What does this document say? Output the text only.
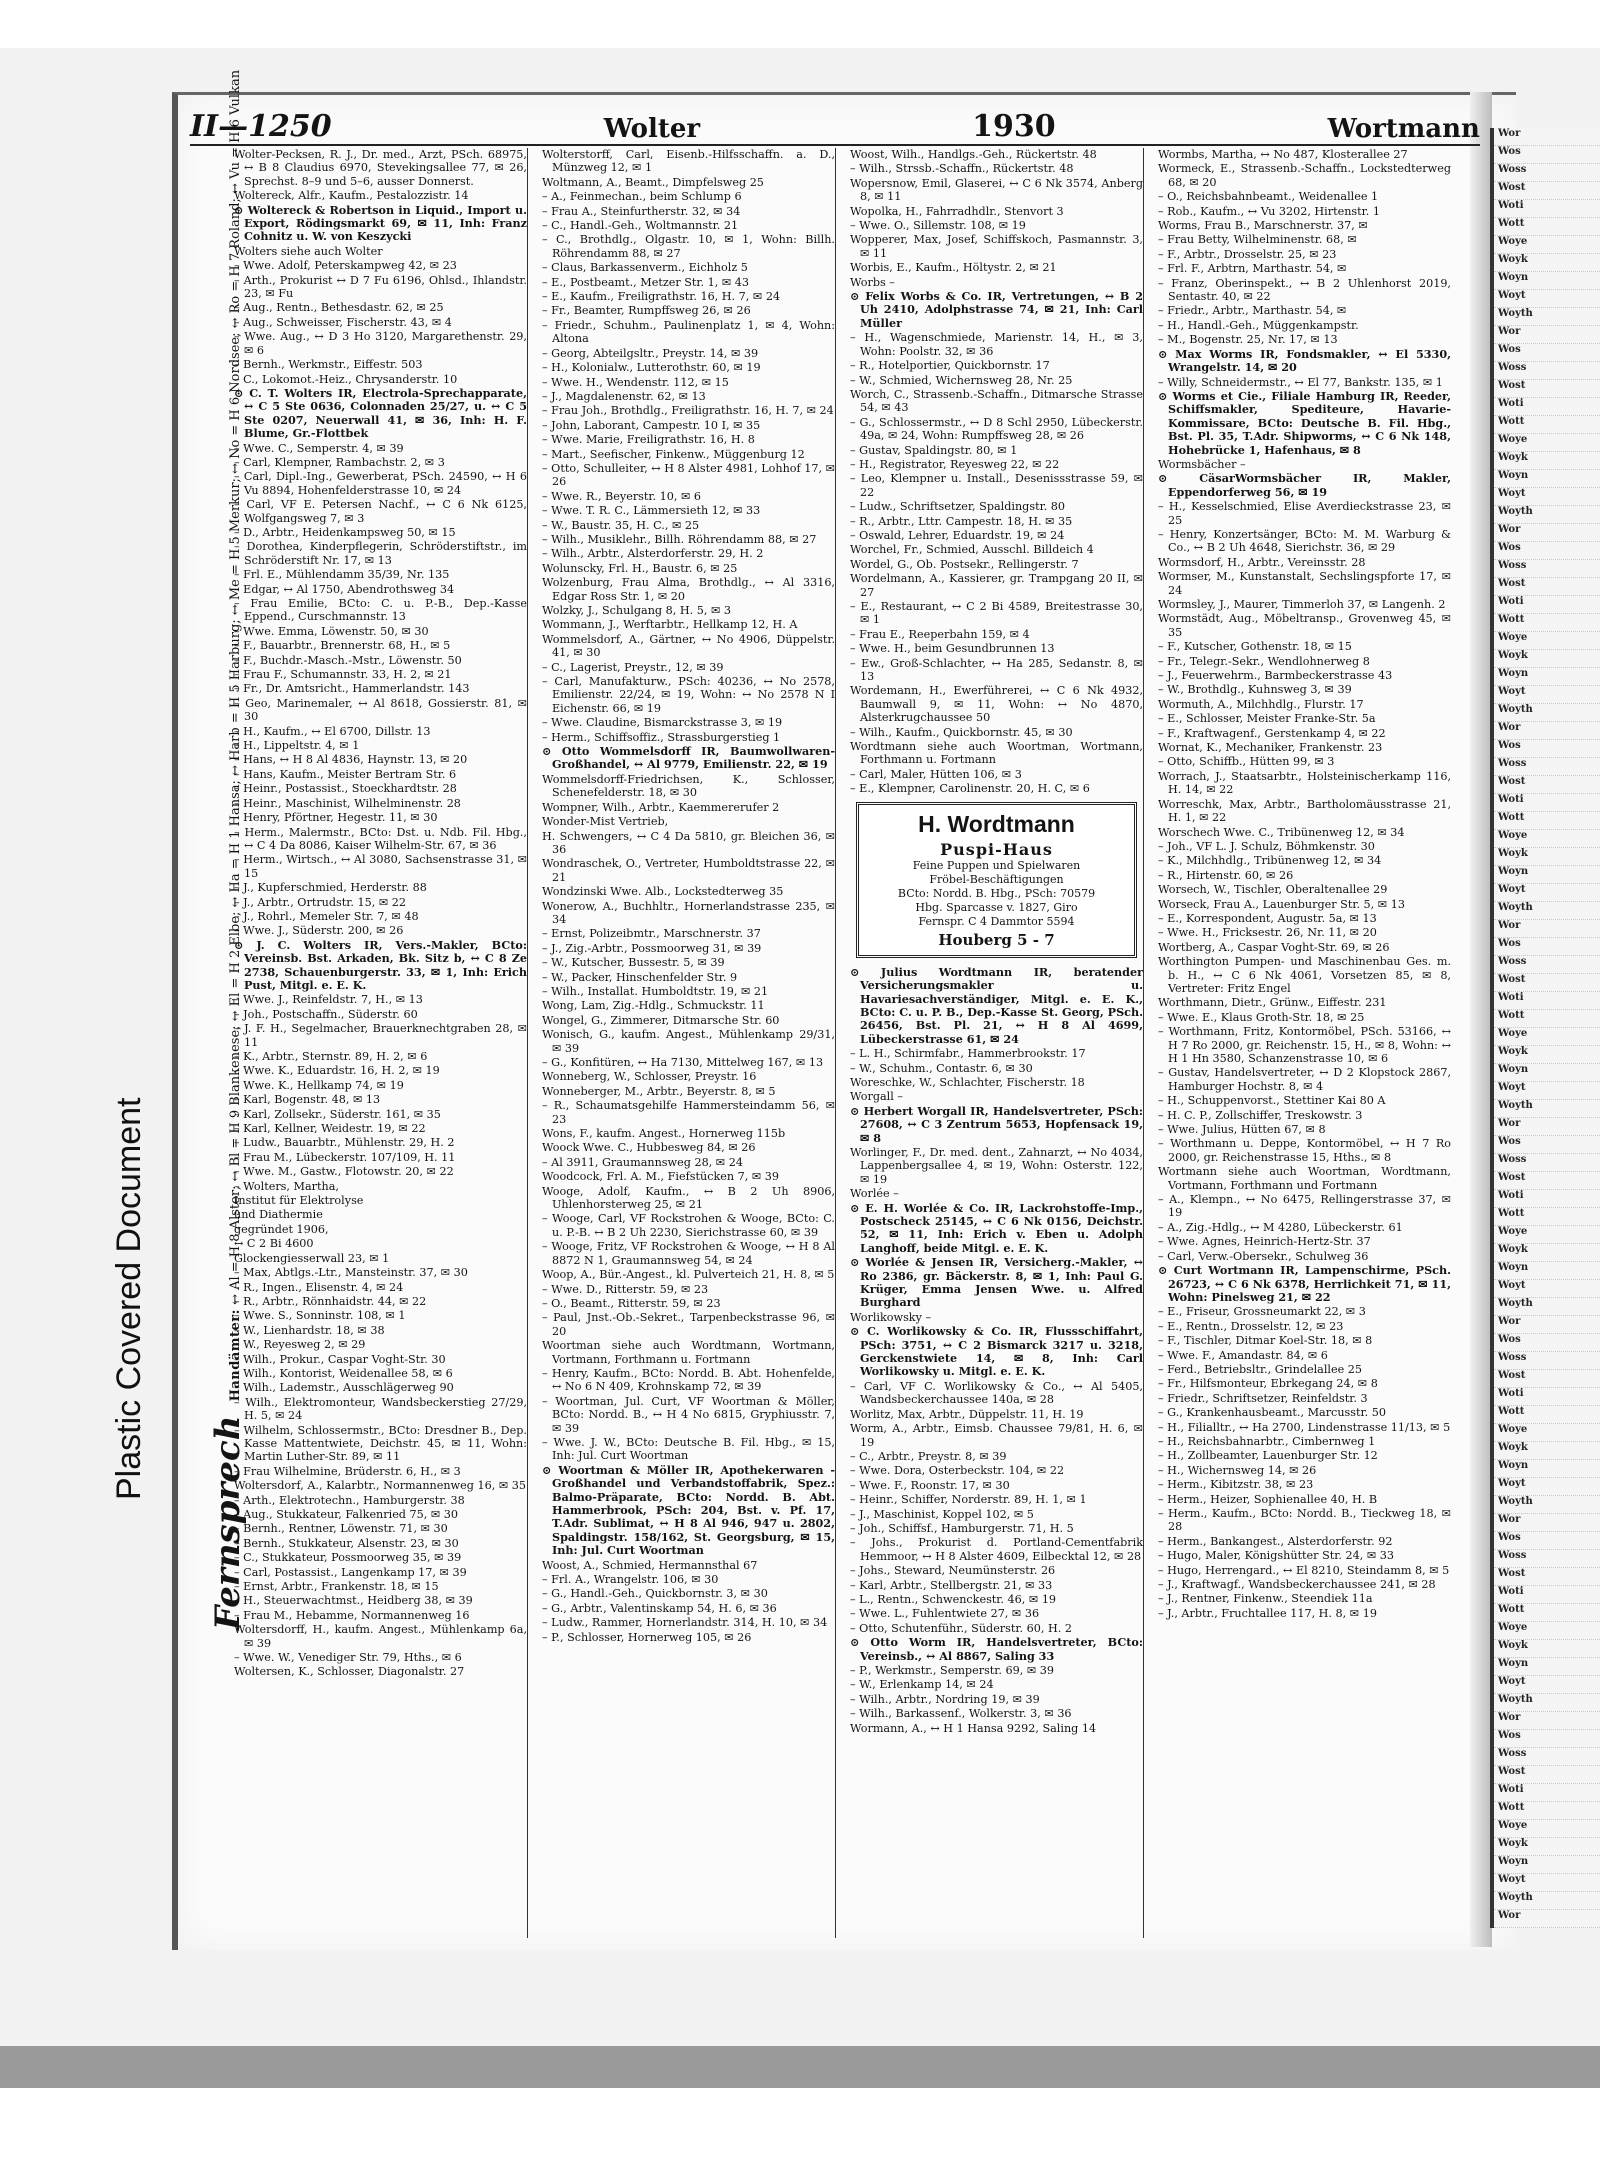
Wor
Wos
Woss
Wost
Woti
Wott
Woye
Woyk
Woyn
Woyt
Woyth
Wor
Wos
Woss
Wost
Woti
Wott
Woye
Woyk
Woyn
Woyt
Woyth
Wor
Wos
Woss
Wost
Woti
Wott
Woye
Woyk
Woyn
Woyt
Woyth
Wor
Wos
Woss
Wost
Woti
Wott
Woye
Woyk
Woyn
Woyt
Woyth
Wor
Wos
Woss
Wost
Woti
Wott
Woye
Woyk
Woyn
Woyt
Woyth
Wor
Wos
Woss
Wost
Woti
Wott
Woye
Woyk
Woyn
Woyt
Woyth
Wor
Wos
Woss
Wost
Woti
Wott
Woye
Woyk
Woyn
Woyt
Woyth
Wor
Wos
Woss
Wost
Woti
Wott
Woye
Woyk
Woyn
Woyt
Woyth
Wor
Wos
Woss
Wost
Woti
Wott
Woye
Woyk
Woyn
Woyt
Woyth
Wor
II—1250	Wolter	1930	Wortmann
Plastic Covered Document
Fernsprech Handämter: ↔ Al = H 8 Alster; ↔ Bl = H 9 Blankenese; ↔ El = H 2 Elbe; ↔ Ha = H 1 Hansa; ↔ Harb = H 5 Harburg; ↔ Me = H 5 Merkur; ↔ No = H 6 Nordsee; ↔ Ro = H 7 Roland; ↔ Vu = H 6 Vulkan
Wolter-Pecksen, R. J., Dr. med., Arzt, PSch. 68975, ↔ B 8 Claudius 6970, Stevekingsallee 77, ✉ 26, Sprechst. 8–9 und 5–6, ausser Donnerst.
Woltereck, Alfr., Kaufm., Pestalozzistr. 14
⊙ Woltereck & Robertson in Liquid., Import u. Export, Rödingsmarkt 69, ✉ 11, Inh: Franz Cohnitz u. W. von Keszycki
Wolters siehe auch Wolter
– Wwe. Adolf, Peterskampweg 42, ✉ 23
– Arth., Prokurist ↔ D 7 Fu 6196, Ohlsd., Ihlandstr. 23, ✉ Fu
– Aug., Rentn., Bethesdastr. 62, ✉ 25
– Aug., Schweisser, Fischerstr. 43, ✉ 4
– Wwe. Aug., ↔ D 3 Ho 3120, Margarethenstr. 29, ✉ 6
– Bernh., Werkmstr., Eiffestr. 503
– C., Lokomot.-Heiz., Chrysanderstr. 10
⊙ C. T. Wolters IR, Electrola-Sprechapparate, ↔ C 5 Ste 0636, Colonnaden 25/27, u. ↔ C 5 Ste 0207, Neuerwall 41, ✉ 36, Inh: H. F. Blume, Gr.-Flottbek
– Wwe. C., Semperstr. 4, ✉ 39
– Carl, Klempner, Rambachstr. 2, ✉ 3
– Carl, Dipl.-Ing., Gewerberat, PSch. 24590, ↔ H 6 Vu 8894, Hohenfelderstrasse 10, ✉ 24
– Carl, VF E. Petersen Nachf., ↔ C 6 Nk 6125, Wolfgangsweg 7, ✉ 3
– D., Arbtr., Heidenkampsweg 50, ✉ 15
– Dorothea, Kinderpflegerin, Schröderstiftstr., im Schröderstift Nr. 17, ✉ 13
– Frl. E., Mühlendamm 35/39, Nr. 135
– Edgar, ↔ Al 1750, Abendrothsweg 34
– Frau Emilie, BCto: C. u. P.-B., Dep.-Kasse Eppend., Curschmannstr. 13
– Wwe. Emma, Löwenstr. 50, ✉ 30
– F., Bauarbtr., Brennerstr. 68, H., ✉ 5
– F., Buchdr.-Masch.-Mstr., Löwenstr. 50
– Frau F., Schumannstr. 33, H. 2, ✉ 21
– Fr., Dr. Amtsricht., Hammerlandstr. 143
– Geo, Marinemaler, ↔ Al 8618, Gossierstr. 81, ✉ 30
– H., Kaufm., ↔ El 6700, Dillstr. 13
– H., Lippeltstr. 4, ✉ 1
– Hans, ↔ H 8 Al 4836, Haynstr. 13, ✉ 20
– Hans, Kaufm., Meister Bertram Str. 6
– Heinr., Postassist., Stoeckhardtstr. 28
– Heinr., Maschinist, Wilhelminenstr. 28
– Henry, Pförtner, Hegestr. 11, ✉ 30
– Herm., Malermstr., BCto: Dst. u. Ndb. Fil. Hbg., ↔ C 4 Da 8086, Kaiser Wilhelm-Str. 67, ✉ 36
– Herm., Wirtsch., ↔ Al 3080, Sachsenstrasse 31, ✉ 15
– J., Kupferschmied, Herderstr. 88
– J., Arbtr., Ortrudstr. 15, ✉ 22
– J., Rohrl., Memeler Str. 7, ✉ 48
– Wwe. J., Süderstr. 200, ✉ 26
⊙ J. C. Wolters IR, Vers.-Makler, BCto: Vereinsb. Bst. Arkaden, Bk. Sitz b, ↔ C 8 Ze 2738, Schauenburgerstr. 33, ✉ 1, Inh: Erich Pust, Mitgl. e. E. K.
– Wwe. J., Reinfeldstr. 7, H., ✉ 13
– Joh., Postschaffn., Süderstr. 60
– J. F. H., Segelmacher, Brauerknechtgraben 28, ✉ 11
– K., Arbtr., Sternstr. 89, H. 2, ✉ 6
– Wwe. K., Eduardstr. 16, H. 2, ✉ 19
– Wwe. K., Hellkamp 74, ✉ 19
– Karl, Bogenstr. 48, ✉ 13
– Karl, Zollsekr., Süderstr. 161, ✉ 35
– Karl, Kellner, Weidestr. 19, ✉ 22
– Ludw., Bauarbtr., Mühlenstr. 29, H. 2
– Frau M., Lübeckerstr. 107/109, H. 11
– Wwe. M., Gastw., Flotowstr. 20, ✉ 22
– Wolters, Martha,
Institut für Elektrolyse
und Diathermie
gegründet 1906,
↔ C 2 Bi 4600
Glockengiesserwall 23, ✉ 1
– Max, Abtlgs.-Ltr., Mansteinstr. 37, ✉ 30
– R., Ingen., Elisenstr. 4, ✉ 24
– R., Arbtr., Rönnhaidstr. 44, ✉ 22
– Wwe. S., Sonninstr. 108, ✉ 1
– W., Lienhardstr. 18, ✉ 38
– W., Reyesweg 2, ✉ 29
– Wilh., Prokur., Caspar Voght-Str. 30
– Wilh., Kontorist, Weidenallee 58, ✉ 6
– Wilh., Lademstr., Ausschlägerweg 90
– Wilh., Elektromonteur, Wandsbeckerstieg 27/29, H. 5, ✉ 24
– Wilhelm, Schlossermstr., BCto: Dresdner B., Dep. Kasse Mattentwiete, Deichstr. 45, ✉ 11, Wohn: Martin Luther-Str. 89, ✉ 11
– Frau Wilhelmine, Brüderstr. 6, H., ✉ 3
Woltersdorf, A., Kalarbtr., Normannenweg 16, ✉ 35
– Arth., Elektrotechn., Hamburgerstr. 38
– Aug., Stukkateur, Falkenried 75, ✉ 30
– Bernh., Rentner, Löwenstr. 71, ✉ 30
– Bernh., Stukkateur, Alsenstr. 23, ✉ 30
– C., Stukkateur, Possmoorweg 35, ✉ 39
– Carl, Postassist., Langenkamp 17, ✉ 39
– Ernst, Arbtr., Frankenstr. 18, ✉ 15
– H., Steuerwachtmst., Heidberg 38, ✉ 39
– Frau M., Hebamme, Normannenweg 16
Woltersdorff, H., kaufm. Angest., Mühlenkamp 6a, ✉ 39
– Wwe. W., Venediger Str. 79, Hths., ✉ 6
Woltersen, K., Schlosser, Diagonalstr. 27
Wolterstorff, Carl, Eisenb.-Hilfsschaffn. a. D., Münzweg 12, ✉ 1
Woltmann, A., Beamt., Dimpfelsweg 25
– A., Feinmechan., beim Schlump 6
– Frau A., Steinfurtherstr. 32, ✉ 34
– C., Handl.-Geh., Woltmannstr. 21
– C., Brothdlg., Olgastr. 10, ✉ 1, Wohn: Billh. Röhrendamm 88, ✉ 27
– Claus, Barkassenverm., Eichholz 5
– E., Postbeamt., Metzer Str. 1, ✉ 43
– E., Kaufm., Freiligrathstr. 16, H. 7, ✉ 24
– Fr., Beamter, Rumpffsweg 26, ✉ 26
– Friedr., Schuhm., Paulinenplatz 1, ✉ 4, Wohn: Altona
– Georg, Abteilgsltr., Preystr. 14, ✉ 39
– H., Kolonialw., Lutterothstr. 60, ✉ 19
– Wwe. H., Wendenstr. 112, ✉ 15
– J., Magdalenenstr. 62, ✉ 13
– Frau Joh., Brothdlg., Freiligrathstr. 16, H. 7, ✉ 24
– John, Laborant, Campestr. 10 I, ✉ 35
– Wwe. Marie, Freiligrathstr. 16, H. 8
– Mart., Seefischer, Finkenw., Müggenburg 12
– Otto, Schulleiter, ↔ H 8 Alster 4981, Lohhof 17, ✉ 26
– Wwe. R., Beyerstr. 10, ✉ 6
– Wwe. T. R. C., Lämmersieth 12, ✉ 33
– W., Baustr. 35, H. C., ✉ 25
– Wilh., Musiklehr., Billh. Röhrendamm 88, ✉ 27
– Wilh., Arbtr., Alsterdorferstr. 29, H. 2
Wolunscky, Frl. H., Baustr. 6, ✉ 25
Wolzenburg, Frau Alma, Brothdlg., ↔ Al 3316, Edgar Ross Str. 1, ✉ 20
Wolzky, J., Schulgang 8, H. 5, ✉ 3
Wommann, J., Werftarbtr., Hellkamp 12, H. A
Wommelsdorf, A., Gärtner, ↔ No 4906, Düppelstr. 41, ✉ 30
– C., Lagerist, Preystr., 12, ✉ 39
– Carl, Manufakturw., PSch: 40236, ↔ No 2578, Emilienstr. 22/24, ✉ 19, Wohn: ↔ No 2578 N I Eichenstr. 66, ✉ 19
– Wwe. Claudine, Bismarckstrasse 3, ✉ 19
– Herm., Schiffsoffiz., Strassburgerstieg 1
⊙ Otto Wommelsdorff IR, Baumwollwaren-Großhandel, ↔ Al 9779, Emilienstr. 22, ✉ 19
Wommelsdorff-Friedrichsen, K., Schlosser, Schenefelderstr. 18, ✉ 30
Wompner, Wilh., Arbtr., Kaemmererufer 2
Wonder-Mist Vertrieb,
H. Schwengers, ↔ C 4 Da 5810, gr. Bleichen 36, ✉ 36
Wondraschek, O., Vertreter, Humboldtstrasse 22, ✉ 21
Wondzinski Wwe. Alb., Lockstedterweg 35
Wonerow, A., Buchhltr., Hornerlandstrasse 235, ✉ 34
– Ernst, Polizeibmtr., Marschnerstr. 37
– J., Zig.-Arbtr., Possmoorweg 31, ✉ 39
– W., Kutscher, Bussestr. 5, ✉ 39
– W., Packer, Hinschenfelder Str. 9
– Wilh., Installat. Humboldtstr. 19, ✉ 21
Wong, Lam, Zig.-Hdlg., Schmuckstr. 11
Wongel, G., Zimmerer, Ditmarsche Str. 60
Wonisch, G., kaufm. Angest., Mühlenkamp 29/31, ✉ 39
– G., Konfitüren, ↔ Ha 7130, Mittelweg 167, ✉ 13
Wonneberg, W., Schlosser, Preystr. 16
Wonneberger, M., Arbtr., Beyerstr. 8, ✉ 5
– R., Schaumatsgehilfe Hammersteindamm 56, ✉ 23
Wons, F., kaufm. Angest., Hornerweg 115b
Woock Wwe. C., Hubbesweg 84, ✉ 26
– Al 3911, Graumannsweg 28, ✉ 24
Woodcock, Frl. A. M., Fiefstücken 7, ✉ 39
Wooge, Adolf, Kaufm., ↔ B 2 Uh 8906, Uhlenhorsterweg 25, ✉ 21
– Wooge, Carl, VF Rockstrohen & Wooge, BCto: C. u. P.-B. ↔ B 2 Uh 2230, Sierichstrasse 60, ✉ 39
– Wooge, Fritz, VF Rockstrohen & Wooge, ↔ H 8 Al 8872 N 1, Graumannsweg 54, ✉ 24
Woop, A., Bür.-Angest., kl. Pulverteich 21, H. 8, ✉ 5
– Wwe. D., Ritterstr. 59, ✉ 23
– O., Beamt., Ritterstr. 59, ✉ 23
– Paul, Jnst.-Ob.-Sekret., Tarpenbeckstrasse 96, ✉ 20
Woortman siehe auch Wordtmann, Wortmann, Vortmann, Forthmann u. Fortmann
– Henry, Kaufm., BCto: Nordd. B. Abt. Hohenfelde, ↔ No 6 N 409, Krohnskamp 72, ✉ 39
– Woortman, Jul. Curt, VF Woortman & Möller, BCto: Nordd. B., ↔ H 4 No 6815, Gryphiusstr. 7, ✉ 39
– Wwe. J. W., BCto: Deutsche B. Fil. Hbg., ✉ 15, Inh: Jul. Curt Woortman
⊙ Woortman & Möller IR, Apothekerwaren - Großhandel und Verbandstoffabrik, Spez.: Balmo-Präparate, BCto: Nordd. B. Abt. Hammerbrook, PSch: 204, Bst. v. Pf. 17, T.Adr. Sublimat, ↔ H 8 Al 946, 947 u. 2802, Spaldingstr. 158/162, St. Georgsburg, ✉ 15, Inh: Jul. Curt Woortman
Woost, A., Schmied, Hermannsthal 67
– Frl. A., Wrangelstr. 106, ✉ 30
– G., Handl.-Geh., Quickbornstr. 3, ✉ 30
– G., Arbtr., Valentinskamp 54, H. 6, ✉ 36
– Ludw., Rammer, Hornerlandstr. 314, H. 10, ✉ 34
– P., Schlosser, Hornerweg 105, ✉ 26
Woost, Wilh., Handlgs.-Geh., Rückertstr. 48
– Wilh., Strssb.-Schaffn., Rückertstr. 48
Wopersnow, Emil, Glaserei, ↔ C 6 Nk 3574, Anberg 8, ✉ 11
Wopolka, H., Fahrradhdlr., Stenvort 3
– Wwe. O., Sillemstr. 108, ✉ 19
Wopperer, Max, Josef, Schiffskoch, Pasmannstr. 3, ✉ 11
Worbis, E., Kaufm., Höltystr. 2, ✉ 21
Worbs –
⊙ Felix Worbs & Co. IR, Vertretungen, ↔ B 2 Uh 2410, Adolphstrasse 74, ✉ 21, Inh: Carl Müller
– H., Wagenschmiede, Marienstr. 14, H., ✉ 3, Wohn: Poolstr. 32, ✉ 36
– R., Hotelportier, Quickbornstr. 17
– W., Schmied, Wichernsweg 28, Nr. 25
Worch, C., Strassenb.-Schaffn., Ditmarsche Strasse 54, ✉ 43
– G., Schlossermstr., ↔ D 8 Schl 2950, Lübeckerstr. 49a, ✉ 24, Wohn: Rumpffsweg 28, ✉ 26
– Gustav, Spaldingstr. 80, ✉ 1
– H., Registrator, Reyesweg 22, ✉ 22
– Leo, Klempner u. Install., Desenissstrasse 59, ✉ 22
– Ludw., Schriftsetzer, Spaldingstr. 80
– R., Arbtr., Lttr. Campestr. 18, H. ✉ 35
– Oswald, Lehrer, Eduardstr. 19, ✉ 24
Worchel, Fr., Schmied, Ausschl. Billdeich 4
Wordel, G., Ob. Postsekr., Rellingerstr. 7
Wordelmann, A., Kassierer, gr. Trampgang 20 II, ✉ 27
– E., Restaurant, ↔ C 2 Bi 4589, Breitestrasse 30, ✉ 1
– Frau E., Reeperbahn 159, ✉ 4
– Wwe. H., beim Gesundbrunnen 13
– Ew., Groß-Schlachter, ↔ Ha 285, Sedanstr. 8, ✉ 13
Wordemann, H., Ewerführerei, ↔ C 6 Nk 4932, Baumwall 9, ✉ 11, Wohn: ↔ No 4870, Alsterkrugchaussee 50
– Wilh., Kaufm., Quickbornstr. 45, ✉ 30
Wordtmann siehe auch Woortman, Wortmann, Forthmann u. Fortmann
– Carl, Maler, Hütten 106, ✉ 3
– E., Klempner, Carolinenstr. 20, H. C, ✉ 6
H. Wordtmann
Puspi-Haus
Feine Puppen und Spielwaren
Fröbel-Beschäftigungen
BCto: Nordd. B. Hbg., PSch: 70579
Hbg. Sparcasse v. 1827, Giro
Fernspr. C 4 Dammtor 5594
Houberg 5 - 7
⊙ Julius Wordtmann IR, beratender Versicherungsmakler u. Havariesachverständiger, Mitgl. e. E. K., BCto: C. u. P. B., Dep.-Kasse St. Georg, PSch. 26456, Bst. Pl. 21, ↔ H 8 Al 4699, Lübeckerstrasse 61, ✉ 24
– L. H., Schirmfabr., Hammerbrookstr. 17
– W., Schuhm., Contastr. 6, ✉ 30
Woreschke, W., Schlachter, Fischerstr. 18
Worgall –
⊙ Herbert Worgall IR, Handelsvertreter, PSch: 27608, ↔ C 3 Zentrum 5653, Hopfensack 19, ✉ 8
Worlinger, F., Dr. med. dent., Zahnarzt, ↔ No 4034, Lappenbergsallee 4, ✉ 19, Wohn: Osterstr. 122, ✉ 19
Worlée –
⊙ E. H. Worlée & Co. IR, Lackrohstoffe-Imp., Postscheck 25145, ↔ C 6 Nk 0156, Deichstr. 52, ✉ 11, Inh: Erich v. Eben u. Adolph Langhoff, beide Mitgl. e. E. K.
⊙ Worlée & Jensen IR, Versicherg.-Makler, ↔ Ro 2386, gr. Bäckerstr. 8, ✉ 1, Inh: Paul G. Krüger, Emma Jensen Wwe. u. Alfred Burghard
Worlikowsky –
⊙ C. Worlikowsky & Co. IR, Flussschiffahrt, PSch: 3751, ↔ C 2 Bismarck 3217 u. 3218, Gerckenstwiete 14, ✉ 8, Inh: Carl Worlikowsky u. Mitgl. e. E. K.
– Carl, VF C. Worlikowsky & Co., ↔ Al 5405, Wandsbeckerchaussee 140a, ✉ 28
Worlitz, Max, Arbtr., Düppelstr. 11, H. 19
Worm, A., Arbtr., Eimsb. Chaussee 79/81, H. 6, ✉ 19
– C., Arbtr., Preystr. 8, ✉ 39
– Wwe. Dora, Osterbeckstr. 104, ✉ 22
– Wwe. F., Roonstr. 17, ✉ 30
– Heinr., Schiffer, Norderstr. 89, H. 1, ✉ 1
– J., Maschinist, Koppel 102, ✉ 5
– Joh., Schiffsf., Hamburgerstr. 71, H. 5
– Johs., Prokurist d. Portland-Cementfabrik Hemmoor, ↔ H 8 Alster 4609, Eilbecktal 12, ✉ 28
– Johs., Steward, Neumünsterstr. 26
– Karl, Arbtr., Stellbergstr. 21, ✉ 33
– L., Rentn., Schwenckestr. 46, ✉ 19
– Wwe. L., Fuhlentwiete 27, ✉ 36
– Otto, Schutenführ., Süderstr. 60, H. 2
⊙ Otto Worm IR, Handelsvertreter, BCto: Vereinsb., ↔ Al 8867, Saling 33
– P., Werkmstr., Semperstr. 69, ✉ 39
– W., Erlenkamp 14, ✉ 24
– Wilh., Arbtr., Nordring 19, ✉ 39
– Wilh., Barkassenf., Wolkerstr. 3, ✉ 36
Wormann, A., ↔ H 1 Hansa 9292, Saling 14
Wormbs, Martha, ↔ No 487, Klosterallee 27
Wormeck, E., Strassenb.-Schaffn., Lockstedterweg 68, ✉ 20
– O., Reichsbahnbeamt., Weidenallee 1
– Rob., Kaufm., ↔ Vu 3202, Hirtenstr. 1
Worms, Frau B., Marschnerstr. 37, ✉
– Frau Betty, Wilhelminenstr. 68, ✉
– F., Arbtr., Drosselstr. 25, ✉ 23
– Frl. F., Arbtrn, Marthastr. 54, ✉
– Franz, Oberinspekt., ↔ B 2 Uhlenhorst 2019, Sentastr. 40, ✉ 22
– Friedr., Arbtr., Marthastr. 54, ✉
– H., Handl.-Geh., Müggenkampstr.
– M., Bogenstr. 25, Nr. 17, ✉ 13
⊙ Max Worms IR, Fondsmakler, ↔ El 5330, Wrangelstr. 14, ✉ 20
– Willy, Schneidermstr., ↔ El 77, Bankstr. 135, ✉ 1
⊙ Worms et Cie., Filiale Hamburg IR, Reeder, Schiffsmakler, Spediteure, Havarie-Kommissare, BCto: Deutsche B. Fil. Hbg., Bst. Pl. 35, T.Adr. Shipworms, ↔ C 6 Nk 148, Hohebrücke 1, Hafenhaus, ✉ 8
Wormsbächer –
⊙ CäsarWormsbächer IR, Makler, Eppendorferweg 56, ✉ 19
– H., Kesselschmied, Elise Averdieckstrasse 23, ✉ 25
– Henry, Konzertsänger, BCto: M. M. Warburg & Co., ↔ B 2 Uh 4648, Sierichstr. 36, ✉ 29
Wormsdorf, H., Arbtr., Vereinsstr. 28
Wormser, M., Kunstanstalt, Sechslingspforte 17, ✉ 24
Wormsley, J., Maurer, Timmerloh 37, ✉ Langenh. 2
Wormstädt, Aug., Möbeltransp., Grovenweg 45, ✉ 35
– F., Kutscher, Gothenstr. 18, ✉ 15
– Fr., Telegr.-Sekr., Wendlohnerweg 8
– J., Feuerwehrm., Barmbeckerstrasse 43
– W., Brothdlg., Kuhnsweg 3, ✉ 39
Wormuth, A., Milchhdlg., Flurstr. 17
– E., Schlosser, Meister Franke-Str. 5a
– F., Kraftwagenf., Gerstenkamp 4, ✉ 22
Wornat, K., Mechaniker, Frankenstr. 23
– Otto, Schiffb., Hütten 99, ✉ 3
Worrach, J., Staatsarbtr., Holsteinischerkamp 116, H. 14, ✉ 22
Worreschk, Max, Arbtr., Bartholomäusstrasse 21, H. 1, ✉ 22
Worschech Wwe. C., Tribünenweg 12, ✉ 34
– Joh., VF L. J. Schulz, Böhmkenstr. 30
– K., Milchhdlg., Tribünenweg 12, ✉ 34
– R., Hirtenstr. 60, ✉ 26
Worsech, W., Tischler, Oberaltenallee 29
Worseck, Frau A., Lauenburger Str. 5, ✉ 13
– E., Korrespondent, Augustr. 5a, ✉ 13
– Wwe. H., Fricksestr. 26, Nr. 11, ✉ 20
Wortberg, A., Caspar Voght-Str. 69, ✉ 26
Worthington Pumpen- und Maschinenbau Ges. m. b. H., ↔ C 6 Nk 4061, Vorsetzen 85, ✉ 8, Vertreter: Fritz Engel
Worthmann, Dietr., Grünw., Eiffestr. 231
– Wwe. E., Klaus Groth-Str. 18, ✉ 25
– Worthmann, Fritz, Kontormöbel, PSch. 53166, ↔ H 7 Ro 2000, gr. Reichenstr. 15, H., ✉ 8, Wohn: ↔ H 1 Hn 3580, Schanzenstrasse 10, ✉ 6
– Gustav, Handelsvertreter, ↔ D 2 Klopstock 2867, Hamburger Hochstr. 8, ✉ 4
– H., Schuppenvorst., Stettiner Kai 80 A
– H. C. P., Zollschiffer, Treskowstr. 3
– Wwe. Julius, Hütten 67, ✉ 8
– Worthmann u. Deppe, Kontormöbel, ↔ H 7 Ro 2000, gr. Reichenstrasse 15, Hths., ✉ 8
Wortmann siehe auch Woortman, Wordtmann, Vortmann, Forthmann und Fortmann
– A., Klempn., ↔ No 6475, Rellingerstrasse 37, ✉ 19
– A., Zig.-Hdlg., ↔ M 4280, Lübeckerstr. 61
– Wwe. Agnes, Heinrich-Hertz-Str. 37
– Carl, Verw.-Obersekr., Schulweg 36
⊙ Curt Wortmann IR, Lampenschirme, PSch. 26723, ↔ C 6 Nk 6378, Herrlichkeit 71, ✉ 11, Wohn: Pinelsweg 21, ✉ 22
– E., Friseur, Grossneumarkt 22, ✉ 3
– E., Rentn., Drosselstr. 12, ✉ 23
– F., Tischler, Ditmar Koel-Str. 18, ✉ 8
– Wwe. F., Amandastr. 84, ✉ 6
– Ferd., Betriebsltr., Grindelallee 25
– Fr., Hilfsmonteur, Ebrkegang 24, ✉ 8
– Friedr., Schriftsetzer, Reinfeldstr. 3
– G., Krankenhausbeamt., Marcusstr. 50
– H., Filialltr., ↔ Ha 2700, Lindenstrasse 11/13, ✉ 5
– H., Reichsbahnarbtr., Cimbernweg 1
– H., Zollbeamter, Lauenburger Str. 12
– H., Wichernsweg 14, ✉ 26
– Herm., Kibitzstr. 38, ✉ 23
– Herm., Heizer, Sophienallee 40, H. B
– Herm., Kaufm., BCto: Nordd. B., Tieckweg 18, ✉ 28
– Herm., Bankangest., Alsterdorferstr. 92
– Hugo, Maler, Königshütter Str. 24, ✉ 33
– Hugo, Herrengard., ↔ El 8210, Steindamm 8, ✉ 5
– J., Kraftwagf., Wandsbeckerchaussee 241, ✉ 28
– J., Rentner, Finkenw., Steendiek 11a
– J., Arbtr., Fruchtallee 117, H. 8, ✉ 19
